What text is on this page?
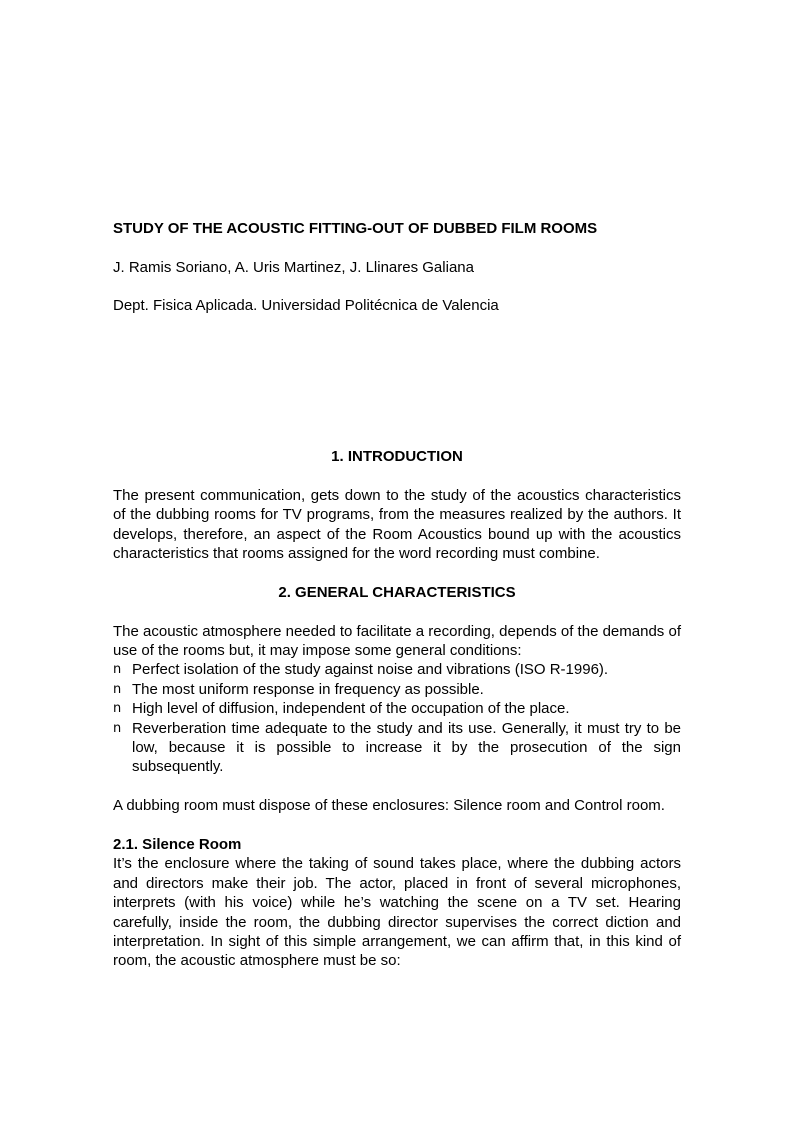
STUDY OF THE ACOUSTIC FITTING-OUT OF DUBBED FILM ROOMS
J. Ramis Soriano, A. Uris Martinez, J. Llinares Galiana
Dept. Fisica Aplicada. Universidad Politécnica de Valencia

1. INTRODUCTION

The present communication, gets down to the study of the acoustics characteristics of the dubbing rooms for TV programs, from the measures realized by the authors. It develops, therefore, an aspect of the Room Acoustics bound up with the acoustics characteristics that rooms assigned for the word recording must combine.

2. GENERAL CHARACTERISTICS

The acoustic atmosphere needed to facilitate a recording, depends of the demands of use of the rooms but, it may impose some general conditions:

n Perfect isolation of the study against noise and vibrations (ISO R-1996).
n The most uniform response in frequency as possible.
n High level of diffusion, independent of the occupation of the place.
n Reverberation time adequate to the study and its use. Generally, it must try to be low, because it is possible to increase it by the prosecution of the sign subsequently.

A dubbing room must dispose of these enclosures: Silence room and Control room.

2.1. Silence Room

It’s the enclosure where the taking of sound takes place, where the dubbing actors and directors make their job. The actor, placed in front of several microphones, interprets (with his voice) while he’s watching the scene on a TV set. Hearing carefully, inside the room, the dubbing director supervises the correct diction and interpretation. In sight of this simple arrangement, we can affirm that, in this kind of room, the acoustic atmosphere must be so:
